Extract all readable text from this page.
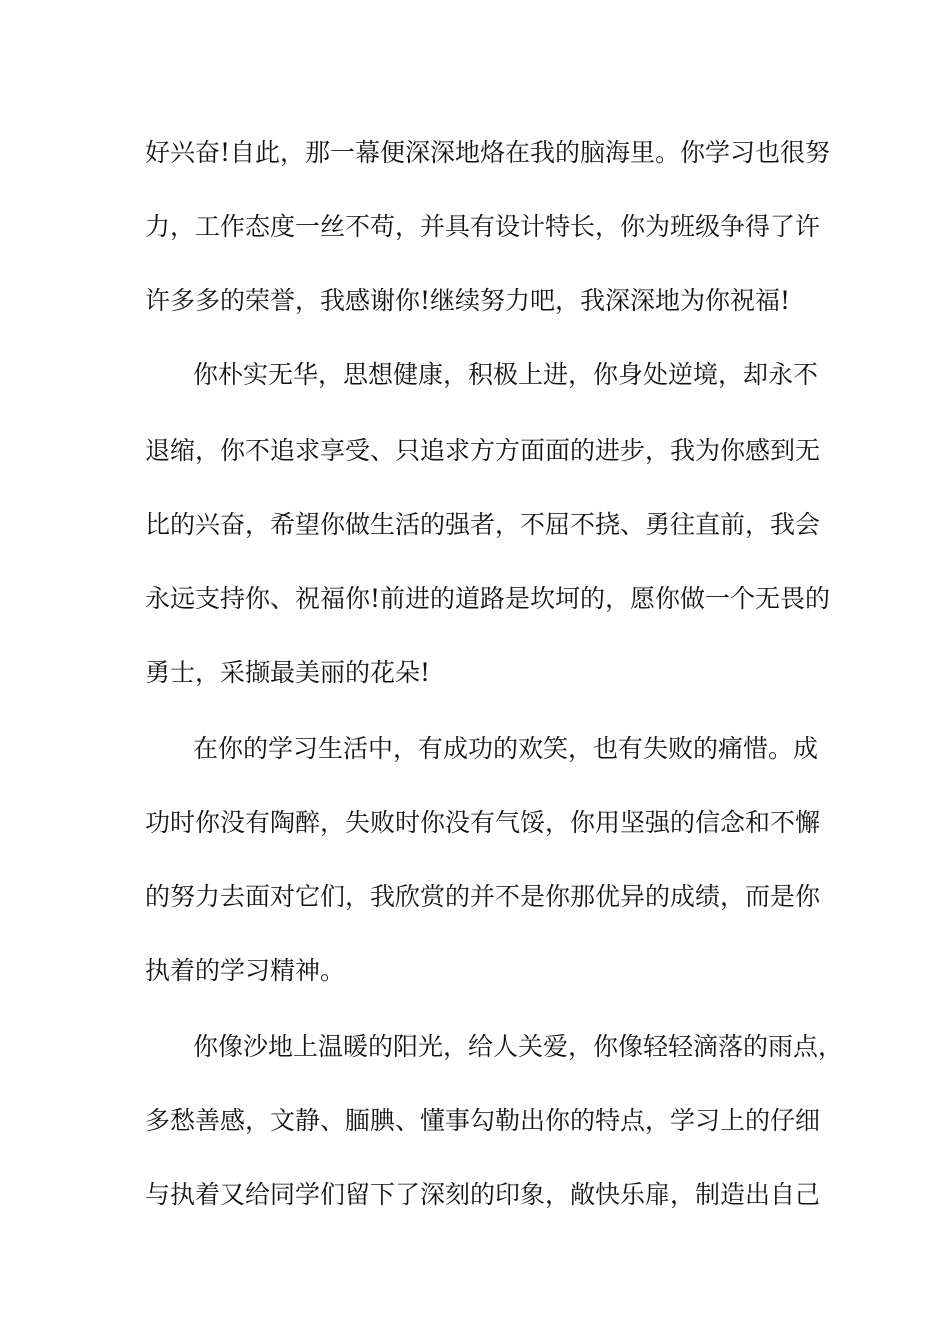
好兴奋!自此，那一幕便深深地烙在我的脑海里。你学习也很努

力，工作态度一丝不苟，并具有设计特长，你为班级争得了许

许多多的荣誉，我感谢你!继续努力吧，我深深地为你祝福!

你朴实无华，思想健康，积极上进，你身处逆境，却永不

退缩，你不追求享受、只追求方方面面的进步，我为你感到无

比的兴奋，希望你做生活的强者，不屈不挠、勇往直前，我会

永远支持你、祝福你!前进的道路是坎坷的，愿你做一个无畏的

勇士，采撷最美丽的花朵!

在你的学习生活中，有成功的欢笑，也有失败的痛惜。成

功时你没有陶醉，失败时你没有气馁，你用坚强的信念和不懈

的努力去面对它们，我欣赏的并不是你那优异的成绩，而是你

执着的学习精神。

你像沙地上温暖的阳光，给人关爱，你像轻轻滴落的雨点，

多愁善感，文静、腼腆、懂事勾勒出你的特点，学习上的仔细

与执着又给同学们留下了深刻的印象，敞快乐扉，制造出自己
